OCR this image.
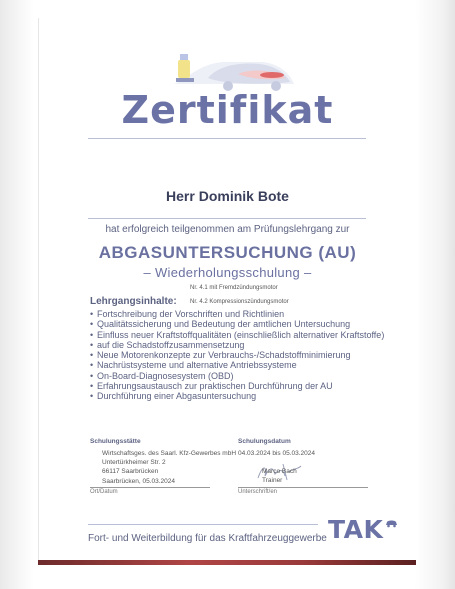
Zertifikat
Herr Dominik Bote
hat erfolgreich teilgenommen am Prüfungslehrgang zur
ABGASUNTERSUCHUNG (AU)
– Wiederholungsschulung –
Nr. 4.1 mit Fremdzündungsmotor
Nr. 4.2 Kompressionszündungsmotor
Lehrgangsinhalte:
• Fortschreibung der Vorschriften und Richtlinien
• Qualitätssicherung und Bedeutung der amtlichen Untersuchung
• Einfluss neuer Kraftstoffqualitäten (einschließlich alternativer Kraftstoffe)
• auf die Schadstoffzusammensetzung
• Neue Motorenkonzepte zur Verbrauchs-/Schadstoffminimierung
• Nachrüstsysteme und alternative Antriebssysteme
• On-Board-Diagnosesystem (OBD)
• Erfahrungsaustausch zur praktischen Durchführung der AU
• Durchführung einer Abgasuntersuchung
Schulungsstätte
Wirtschaftsges. des Saarl. Kfz-Gewerbes mbH
Untertürkheimer Str. 2
66117 Saarbrücken
Saarbrücken, 05.03.2024
Ort/Datum
Schulungsdatum
04.03.2024 bis 05.03.2024
Marco Bach
Trainer
Unterschrift/en
Fort- und Weiterbildung für das Kraftfahrzeuggewerbe TAK
